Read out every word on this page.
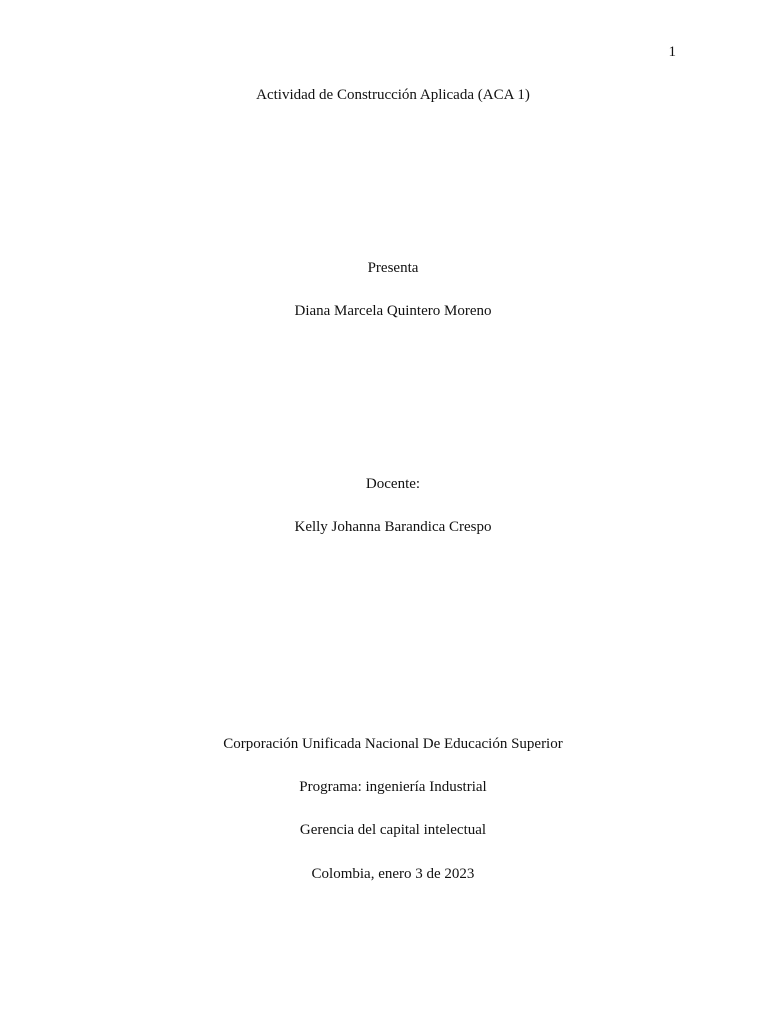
1
Actividad de Construcción Aplicada (ACA 1)
Presenta
Diana Marcela Quintero Moreno
Docente:
Kelly Johanna Barandica Crespo
Corporación Unificada Nacional De Educación Superior
Programa: ingeniería Industrial
Gerencia del capital intelectual
Colombia, enero 3 de 2023
